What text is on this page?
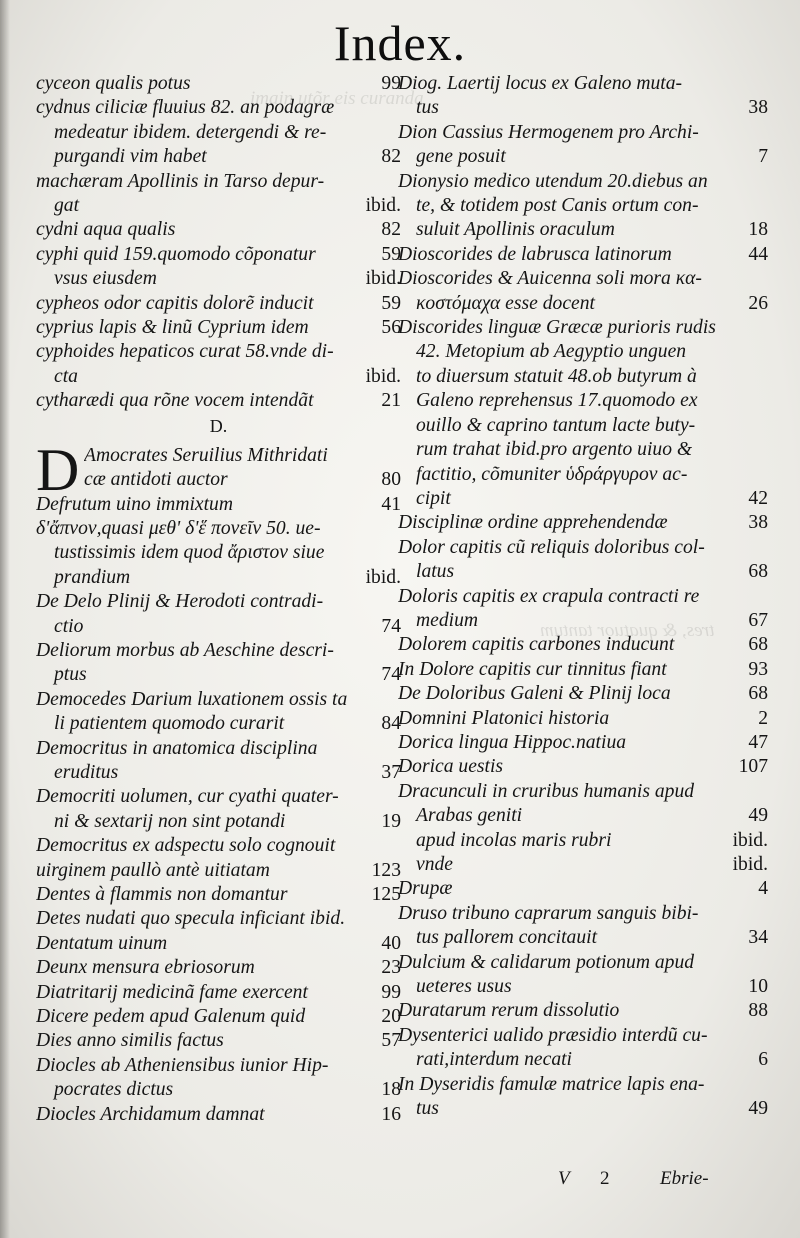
imain utõr eis curanda
tres, & quatuor tantum
Index.
cyceon qualis potus	99
cydnus ciliciæ fluuius 82. an podagræ
medeatur ibidem. detergendi & re-
purgandi vim habet	82
machæram Apollinis in Tarso depur-
gat	ibid.
cydni aqua qualis	82
cyphi quid 159.quomodo cõponatur	59
vsus eiusdem	ibid.
cypheos odor capitis dolorẽ inducit	59
cyprius lapis & linũ Cyprium idem	56
cyphoides hepaticos curat 58.vnde di-
cta	ibid.
cytharædi qua rõne vocem intendãt	21
D.
D Amocrates Seruilius Mithridati
cæ antidoti auctor	80
Defrutum uino immixtum	41
δ'ἄπνον,quasi μεθ' δ'ἕ πονεῖν 50. ue-
tustissimis idem quod ἄριστον siue
prandium	ibid.
De Delo Plinij & Herodoti contradi-
ctio	74
Deliorum morbus ab Aeschine descri-
ptus	74
Democedes Darium luxationem ossis ta
li patientem quomodo curarit	84
Democritus in anatomica disciplina
eruditus	37
Democriti uolumen, cur cyathi quater-
ni & sextarij non sint potandi	19
Democritus ex adspectu solo cognouit
uirginem paullò antè uitiatam	123
Dentes à flammis non domantur	125
Detes nudati quo specula inficiant ibid.
Dentatum uinum	40
Deunx mensura ebriosorum	23
Diatritarij medicinã fame exercent	99
Dicere pedem apud Galenum quid	20
Dies anno similis factus	57
Diocles ab Atheniensibus iunior Hip-
pocrates dictus	18
Diocles Archidamum damnat	16
Diog. Laertij locus ex Galeno muta-
tus	38
Dion Cassius Hermogenem pro Archi-
gene posuit	7
Dionysio medico utendum 20.diebus an
te, & totidem post Canis ortum con-
suluit Apollinis oraculum	18
Dioscorides de labrusca latinorum	44
Dioscorides & Auicenna soli mora κα-
κοστόμαχα esse docent	26
Discorides linguæ Græcæ purioris rudis
42. Metopium ab Aegyptio unguen
to diuersum statuit 48.ob butyrum à
Galeno reprehensus 17.quomodo ex
ouillo & caprino tantum lacte buty-
rum trahat ibid.pro argento uiuo &
factitio, cõmuniter ὑδράργυρον ac-
cipit	42
Disciplinæ ordine apprehendendæ	38
Dolor capitis cũ reliquis doloribus col-
latus	68
Doloris capitis ex crapula contracti re
medium	67
Dolorem capitis carbones inducunt	68
In Dolore capitis cur tinnitus fiant	93
De Doloribus Galeni & Plinij loca	68
Domnini Platonici historia	2
Dorica lingua Hippoc.natiua	47
Dorica uestis	107
Dracunculi in cruribus humanis apud
Arabas geniti	49
apud incolas maris rubri	ibid.
vnde	ibid.
Drupæ	4
Druso tribuno caprarum sanguis bibi-
tus pallorem concitauit	34
Dulcium & calidarum potionum apud
ueteres usus	10
Duratarum rerum dissolutio	88
Dysenterici ualido præsidio interdũ cu-
rati,interdum necati	6
In Dyseridis famulæ matrice lapis ena-
tus	49
V 2	Ebrie-
